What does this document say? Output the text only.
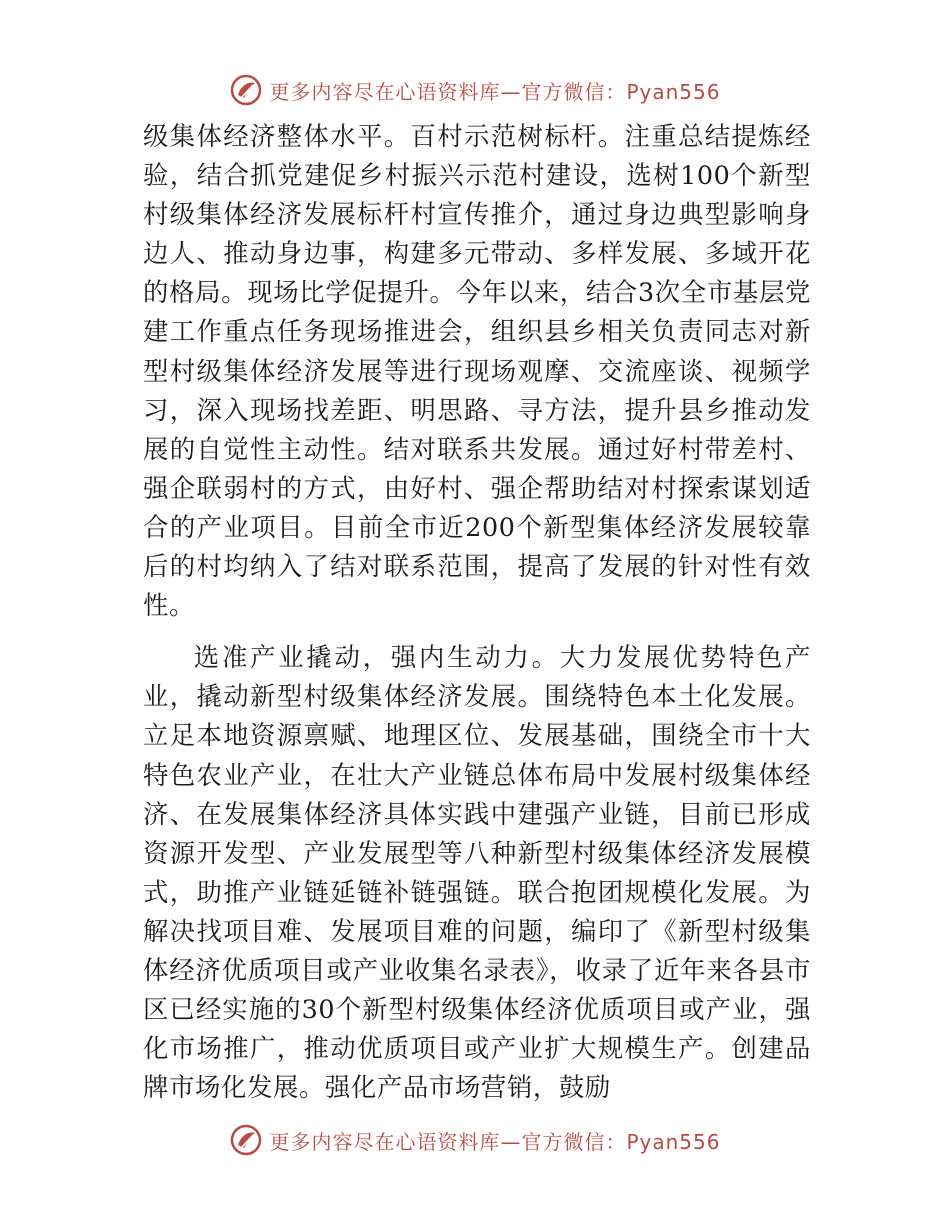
更多内容尽在心语资料库—官方微信：Pyan556

级集体经济整体水平。百村示范树标杆。注重总结提炼经验，结合抓党建促乡村振兴示范村建设，选树100个新型村级集体经济发展标杆村宣传推介，通过身边典型影响身边人、推动身边事，构建多元带动、多样发展、多域开花的格局。现场比学促提升。今年以来，结合3次全市基层党建工作重点任务现场推进会，组织县乡相关负责同志对新型村级集体经济发展等进行现场观摩、交流座谈、视频学习，深入现场找差距、明思路、寻方法，提升县乡推动发展的自觉性主动性。结对联系共发展。通过好村带差村、强企联弱村的方式，由好村、强企帮助结对村探索谋划适合的产业项目。目前全市近200个新型集体经济发展较靠后的村均纳入了结对联系范围，提高了发展的针对性有效性。

选准产业撬动，强内生动力。大力发展优势特色产业，撬动新型村级集体经济发展。围绕特色本土化发展。立足本地资源禀赋、地理区位、发展基础，围绕全市十大特色农业产业，在壮大产业链总体布局中发展村级集体经济、在发展集体经济具体实践中建强产业链，目前已形成资源开发型、产业发展型等八种新型村级集体经济发展模式，助推产业链延链补链强链。联合抱团规模化发展。为解决找项目难、发展项目难的问题，编印了《新型村级集体经济优质项目或产业收集名录表》，收录了近年来各县市区已经实施的30个新型村级集体经济优质项目或产业，强化市场推广，推动优质项目或产业扩大规模生产。创建品牌市场化发展。强化产品市场营销，鼓励

更多内容尽在心语资料库—官方微信：Pyan556
